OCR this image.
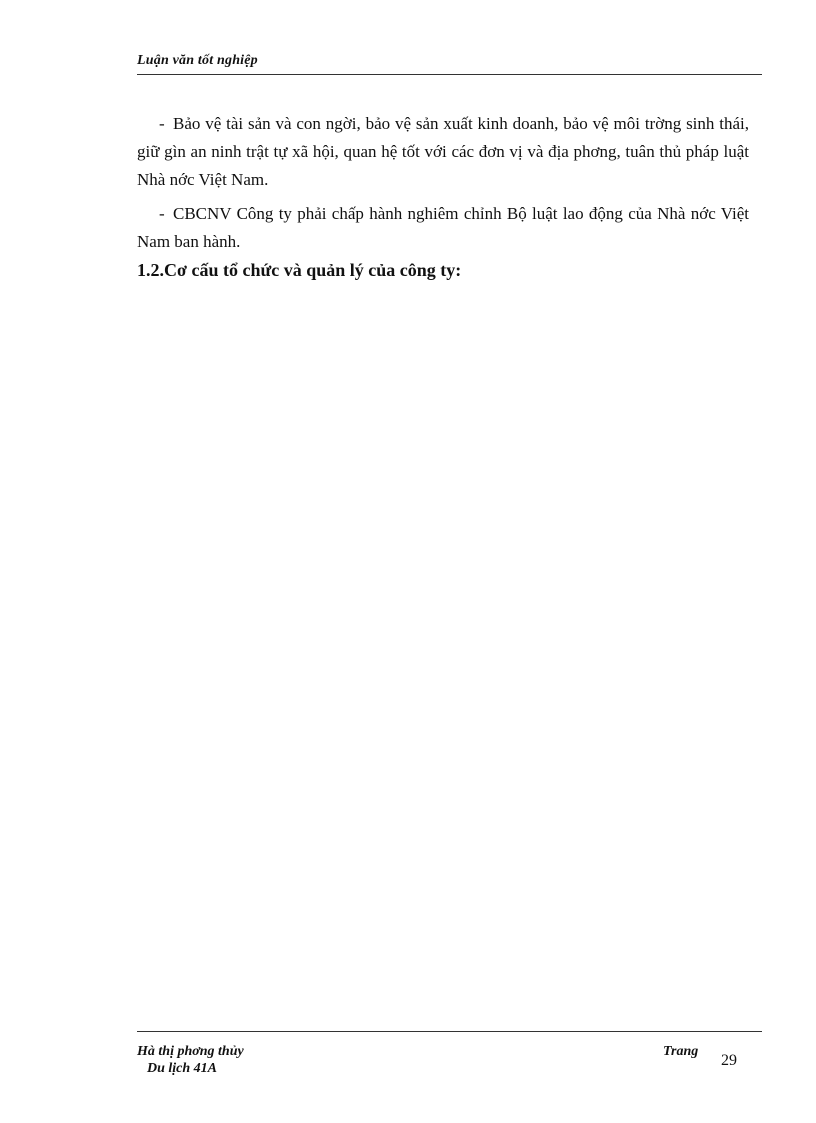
Luận văn tốt nghiệp

- Bảo vệ tài sản và con ngời, bảo vệ sản xuất kinh doanh, bảo vệ môi trờng sinh thái, giữ gìn an ninh trật tự xã hội, quan hệ tốt với các đơn vị và địa phơng, tuân thủ pháp luật Nhà nớc Việt Nam.

- CBCNV Công ty phải chấp hành nghiêm chỉnh Bộ luật lao động của Nhà nớc Việt Nam ban hành.

1.2.Cơ cấu tổ chức và quản lý của công ty:
Hà thị phơng thủy
Du lịch 41A
Trang
29
